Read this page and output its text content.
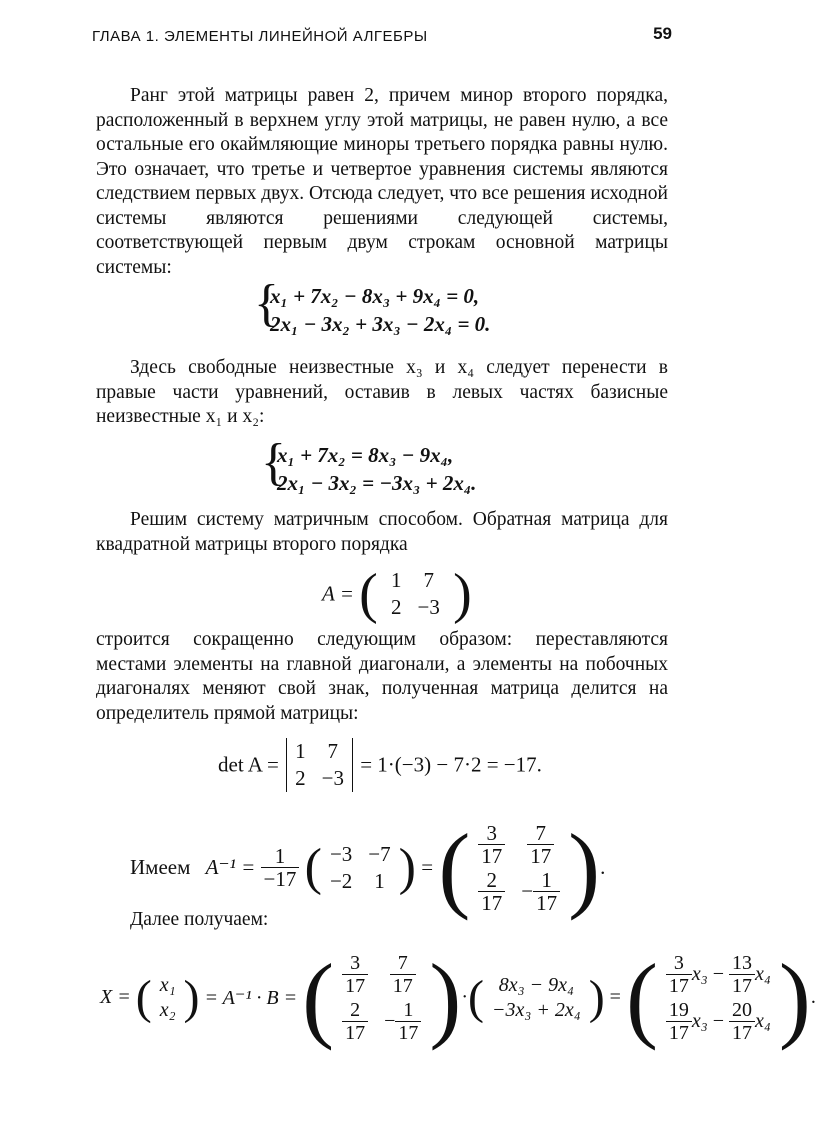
ГЛАВА 1. ЭЛЕМЕНТЫ ЛИНЕЙНОЙ АЛГЕБРЫ	59
Ранг этой матрицы равен 2, причем минор второго порядка, расположенный в верхнем углу этой матрицы, не равен нулю, а все остальные его окаймляющие миноры третьего порядка равны нулю. Это означает, что третье и четвертое уравнения системы являются следствием первых двух. Отсюда следует, что все решения исходной системы являются решениями следующей системы, соответствующей первым двум строкам основной матрицы системы:
{
x₁ + 7x₂ − 8x₃ + 9x₄ = 0,
2x₁ − 3x₂ + 3x₃ − 2x₄ = 0.
Здесь свободные неизвестные x₃ и x₄ следует перенести в правые части уравнений, оставив в левых частях базисные неизвестные x₁ и x₂:
{
x₁ + 7x₂ = 8x₃ − 9x₄,
2x₁ − 3x₂ = −3x₃ + 2x₄.
Решим систему матричным способом. Обратная матрица для квадратной матрицы второго порядка
A = ( 1	7
2	−3 )
строится сокращенно следующим образом: переставляются местами элементы на главной диагонали, а элементы на побочных диагоналях меняют свой знак, полученная матрица делится на определитель прямой матрицы:
det A = 1	7
2	−3 = 1·(−3) − 7·2 = −17.
Имеем $A^{-1} = \frac{1}{-17}$ ( −3	−7
−2	1 ) = ( $\frac{3}{17}$	$\frac{7}{17}$

$\frac{2}{17}$	− $\frac{1}{17}$ ).
Далее получаем:
X = ( x₁
x₂ ) = A⁻¹ · B = ( $\frac{3}{17}$	$\frac{7}{17}$

$\frac{2}{17}$	− $\frac{1}{17}$ )·( 8x₃ − 9x₄
−3x₃ + 2x₄ ) = ( $\frac{3}{17} x_3 - \frac{13}{17} x_4$

$\frac{19}{17} x_3 - \frac{20}{17} x_4$ ).
